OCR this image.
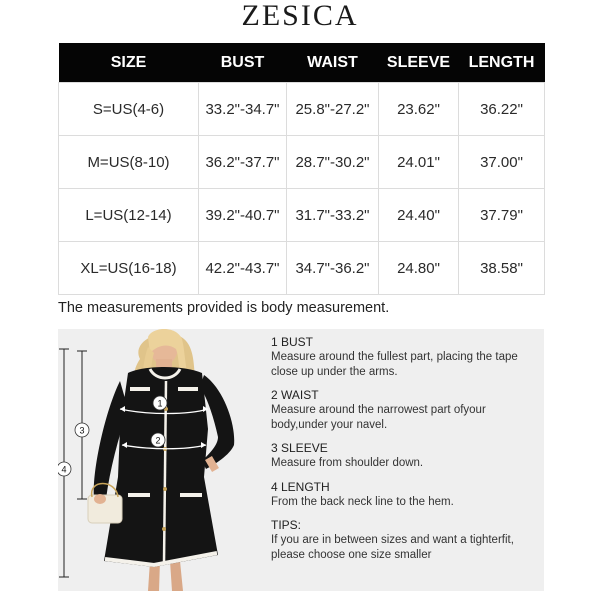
ZESICA
SIZE	BUST	WAIST	SLEEVE	LENGTH
S=US(4-6)	33.2"-34.7"	25.8"-27.2"	23.62"	36.22"
M=US(8-10)	36.2"-37.7"	28.7"-30.2"	24.01"	37.00"
L=US(12-14)	39.2"-40.7"	31.7"-33.2"	24.40"	37.79"
XL=US(16-18)	42.2"-43.7"	34.7"-36.2"	24.80"	38.58"
The measurements provided is body measurement.
1
2
3
4
1 BUST
Measure around the fullest part, placing the tape close up under the arms.
2 WAIST
Measure around the narrowest part ofyour body,under your navel.
3 SLEEVE
Measure from shoulder down.
4 LENGTH
From the back neck line to the hem.
TIPS:
If you are in between sizes and want a tighterfit, please choose one size smaller
